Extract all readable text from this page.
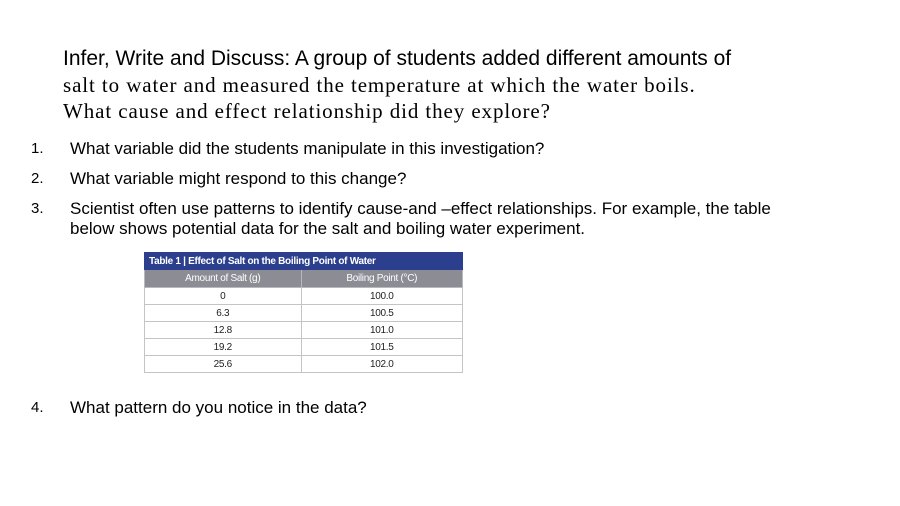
Infer, Write and Discuss: A group of students added different amounts of
salt to water and measured the temperature at which the water boils.
What cause and effect relationship did they explore?
1.	What variable did the students manipulate in this investigation?
2.	What variable might respond to this change?
3.	Scientist often use patterns to identify cause-and –effect relationships. For example, the table
below shows potential data for the salt and boiling water experiment.
Table 1 | Effect of Salt on the Boiling Point of Water	
Amount of Salt (g)	Boiling Point (°C)
0	100.0
6.3	100.5
12.8	101.0
19.2	101.5
25.6	102.0
4.	What pattern do you notice in the data?
